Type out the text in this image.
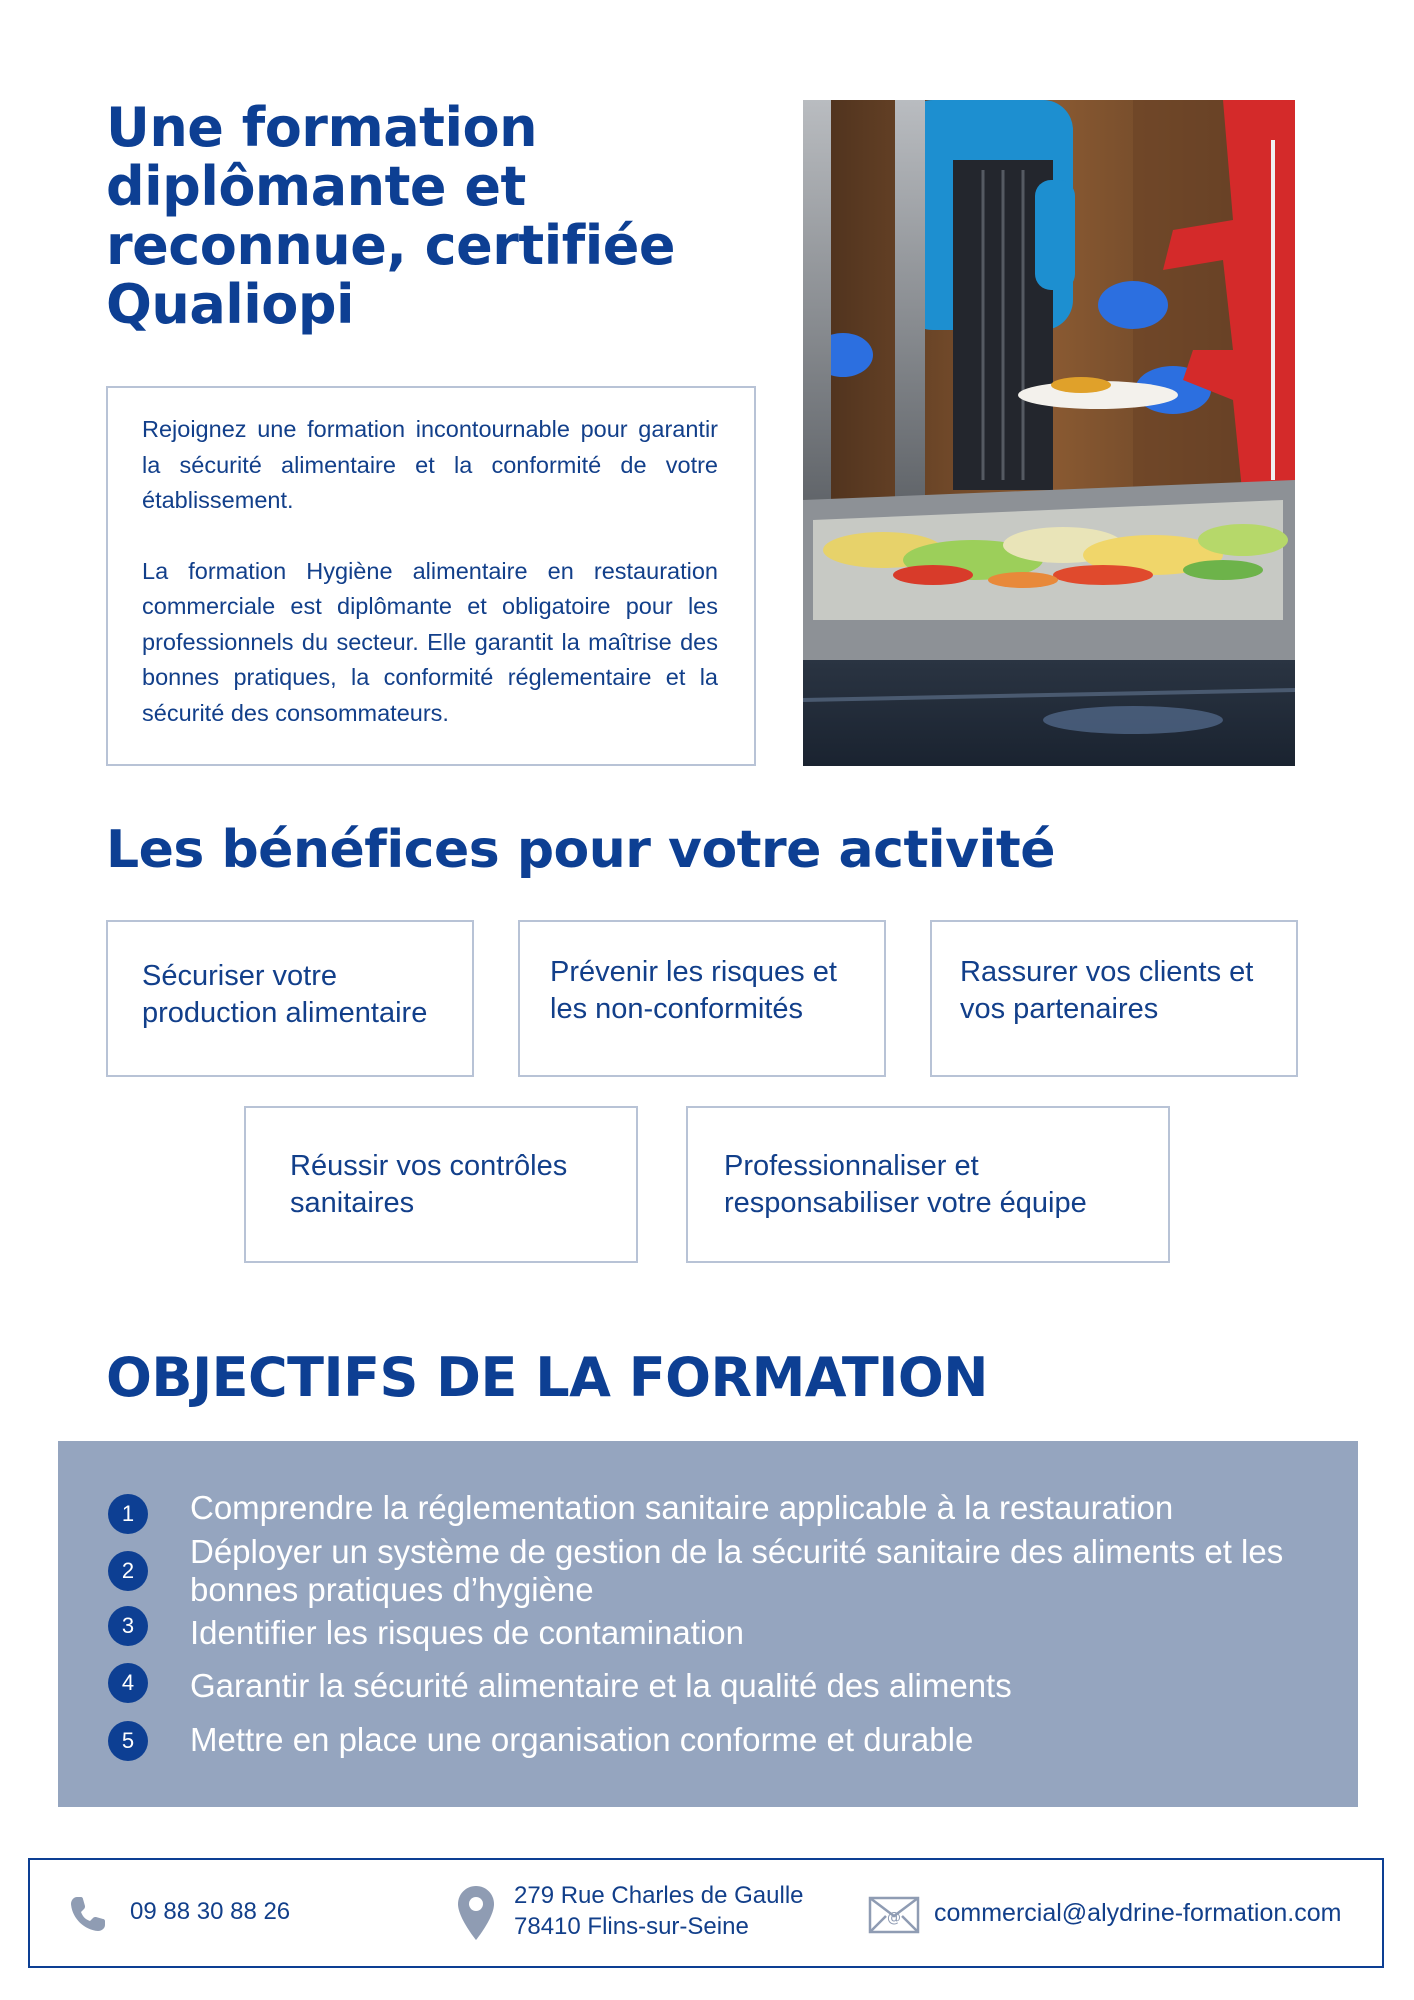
Une formation
diplômante et
reconnue, certifiée
Qualiopi

Rejoignez une formation incontournable pour garantir la sécurité alimentaire et la conformité de votre établissement.

La formation Hygiène alimentaire en restauration commerciale est diplômante et obligatoire pour les professionnels du secteur. Elle garantit la maîtrise des bonnes pratiques, la conformité réglementaire et la sécurité des consommateurs.

Les bénéfices pour votre activité
Sécuriser votre production alimentaire
Prévenir les risques et les non-conformités
Rassurer vos clients et vos partenaires
Réussir vos contrôles sanitaires
Professionnaliser et responsabiliser votre équipe
OBJECTIFS DE LA FORMATION
1	Comprendre la réglementation sanitaire applicable à la restauration
2
Déployer un système de gestion de la sécurité sanitaire des aliments et les bonnes pratiques d’hygiène
3	Identifier les risques de contamination
4	Garantir la sécurité alimentaire et la qualité des aliments
5	Mettre en place une organisation conforme et durable
09 88 30 88 26
279 Rue Charles de Gaulle
78410 Flins-sur-Seine	@ commercial@alydrine-formation.com
